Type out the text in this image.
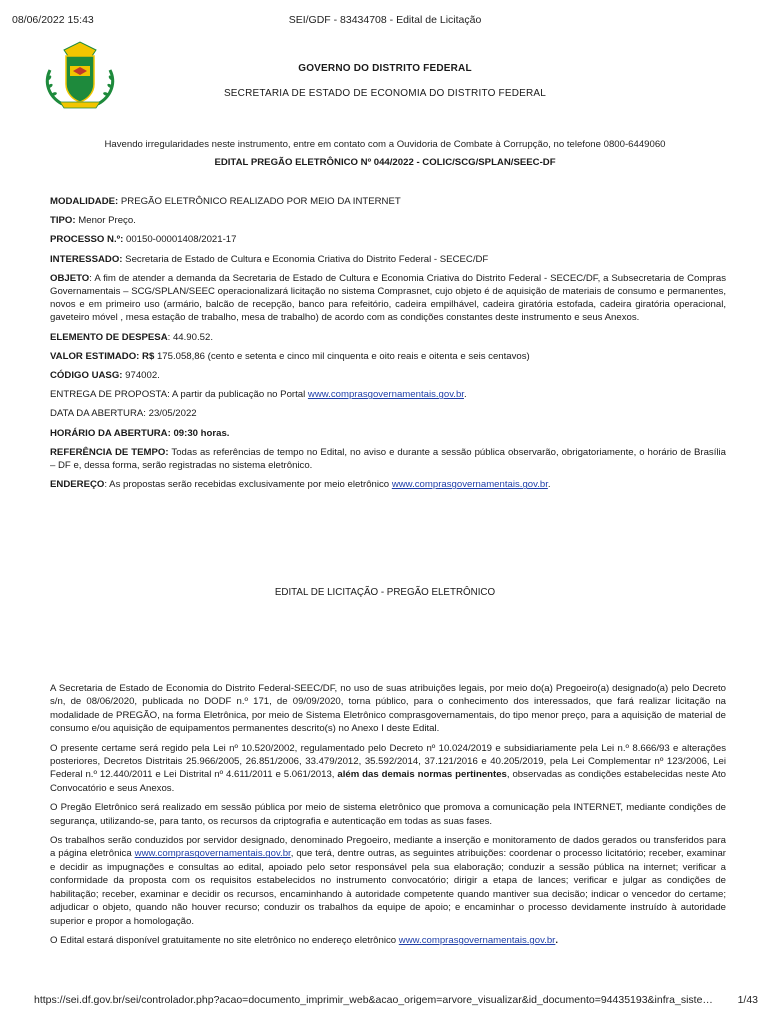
08/06/2022 15:43	SEI/GDF - 83434708 - Edital de Licitação
GOVERNO DO DISTRITO FEDERAL
SECRETARIA DE ESTADO DE ECONOMIA DO DISTRITO FEDERAL
Havendo irregularidades neste instrumento, entre em contato com a Ouvidoria de Combate à Corrupção, no telefone 0800-6449060
EDITAL PREGÃO ELETRÔNICO Nº 044/2022 - COLIC/SCG/SPLAN/SEEC-DF

MODALIDADE: PREGÃO ELETRÔNICO REALIZADO POR MEIO DA INTERNET

TIPO: Menor Preço.

PROCESSO N.º: 00150-00001408/2021-17

INTERESSADO: Secretaria de Estado de Cultura e Economia Criativa do Distrito Federal - SECEC/DF

OBJETO: A fim de atender a demanda da Secretaria de Estado de Cultura e Economia Criativa do Distrito Federal - SECEC/DF, a Subsecretaria de Compras Governamentais – SCG/SPLAN/SEEC operacionalizará licitação no sistema Comprasnet, cujo objeto é de aquisição de materiais de consumo e permanentes, novos e em primeiro uso (armário, balcão de recepção, banco para refeitório, cadeira empilhável, cadeira giratória estofada, cadeira giratória operacional, gaveteiro móvel , mesa estação de trabalho, mesa de trabalho) de acordo com as condições constantes deste instrumento e seus Anexos.

ELEMENTO DE DESPESA: 44.90.52.

VALOR ESTIMADO: R$ 175.058,86 (cento e setenta e cinco mil cinquenta e oito reais e oitenta e seis centavos)

CÓDIGO UASG: 974002.

ENTREGA DE PROPOSTA: A partir da publicação no Portal www.comprasgovernamentais.gov.br.

DATA DA ABERTURA: 23/05/2022

HORÁRIO DA ABERTURA: 09:30 horas.

REFERÊNCIA DE TEMPO: Todas as referências de tempo no Edital, no aviso e durante a sessão pública observarão, obrigatoriamente, o horário de Brasília – DF e, dessa forma, serão registradas no sistema eletrônico.

ENDEREÇO: As propostas serão recebidas exclusivamente por meio eletrônico www.comprasgovernamentais.gov.br.

EDITAL DE LICITAÇÃO - PREGÃO ELETRÔNICO

A Secretaria de Estado de Economia do Distrito Federal-SEEC/DF, no uso de suas atribuições legais, por meio do(a) Pregoeiro(a) designado(a) pelo Decreto s/n, de 08/06/2020, publicada no DODF n.º 171, de 09/09/2020, torna público, para o conhecimento dos interessados, que fará realizar licitação na modalidade de PREGÃO, na forma Eletrônica, por meio de Sistema Eletrônico comprasgovernamentais, do tipo menor preço, para a aquisição de material de consumo e/ou aquisição de equipamentos permanentes descrito(s) no Anexo I deste Edital.

O presente certame será regido pela Lei nº 10.520/2002, regulamentado pelo Decreto nº 10.024/2019 e subsidiariamente pela Lei n.º 8.666/93 e alterações posteriores, Decretos Distritais 25.966/2005, 26.851/2006, 33.479/2012, 35.592/2014, 37.121/2016 e 40.205/2019, pela Lei Complementar nº 123/2006, Lei Federal n.º 12.440/2011 e Lei Distrital nº 4.611/2011 e 5.061/2013, além das demais normas pertinentes, observadas as condições estabelecidas neste Ato Convocatório e seus Anexos.

O Pregão Eletrônico será realizado em sessão pública por meio de sistema eletrônico que promova a comunicação pela INTERNET, mediante condições de segurança, utilizando-se, para tanto, os recursos da criptografia e autenticação em todas as suas fases.

Os trabalhos serão conduzidos por servidor designado, denominado Pregoeiro, mediante a inserção e monitoramento de dados gerados ou transferidos para a página eletrônica www.comprasgovernamentais.gov.br, que terá, dentre outras, as seguintes atribuições: coordenar o processo licitatório; receber, examinar e decidir as impugnações e consultas ao edital, apoiado pelo setor responsável pela sua elaboração; conduzir a sessão pública na internet; verificar a conformidade da proposta com os requisitos estabelecidos no instrumento convocatório; dirigir a etapa de lances; verificar e julgar as condições de habilitação; receber, examinar e decidir os recursos, encaminhando à autoridade competente quando mantiver sua decisão; indicar o vencedor do certame; adjudicar o objeto, quando não houver recurso; conduzir os trabalhos da equipe de apoio; e encaminhar o processo devidamente instruído à autoridade superior e propor a homologação.

O Edital estará disponível gratuitamente no site eletrônico no endereço eletrônico www.comprasgovernamentais.gov.br.

https://sei.df.gov.br/sei/controlador.php?acao=documento_imprimir_web&acao_origem=arvore_visualizar&id_documento=94435193&infra_siste… 1/43
